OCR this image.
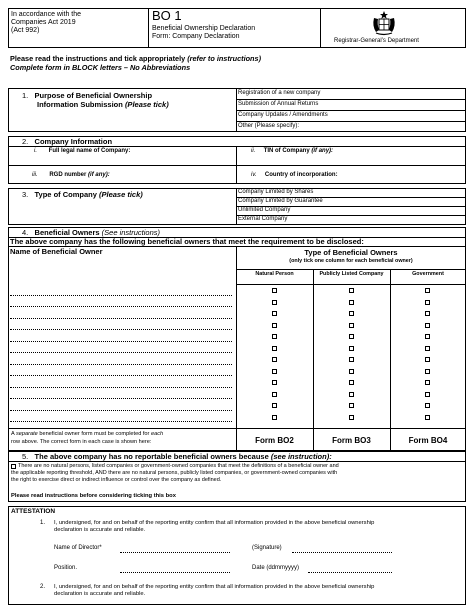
In accordance with the
Companies Act 2019
(Act 992)
BO 1
Beneficial Ownership Declaration
Form: Company Declaration
Registrar-General’s Department
Please read the instructions and tick appropriately (refer to instructions)
Complete form in BLOCK letters – No Abbreviations
1. Purpose of Beneficial Ownership
Information Submission (Please tick)
Registration of a new company
Submission of Annual Returns
Company Updates / Amendments
Other (Please specify):
2. Company Information
i. Full legal name of Company:	ii. TIN of Company (if any):
iii. RGD number (if any):	iv. Country of incorporation:
3. Type of Company (Please tick)	Company Limited by Shares
Company Limited by Guarantee
Unlimited Company
External Company
4. Beneficial Owners (See instructions)
The above company has the following beneficial owners that meet the requirement to be disclosed:
Name of Beneficial Owner	Type of Beneficial Owners
(only tick one column for each beneficial owner)
Natural Person	Publicly Listed Company	Government
A separate beneficial owner form must be completed for each
row above. The correct form in each case is shown here:	Form BO2	Form BO3	Form BO4
5. The above company has no reportable beneficial owners because (see instruction):
There are no natural persons, listed companies or government-owned companies that meet the definitions of a beneficial owner and
the applicable reporting threshold, AND there are no natural persons, publicly listed companies, or government-owned companies with
the right to exercise direct or indirect influence or control over the company as defined.
Please read instructions before considering ticking this box
ATTESTATION
1. I, undersigned, for and on behalf of the reporting entity confirm that all information provided in the above beneficial ownership
declaration is accurate and reliable.
Name of Director*	(Signature)
Position.	Date (ddmmyyyy)
2. I, undersigned, for and on behalf of the reporting entity confirm that all information provided in the above beneficial ownership
declaration is accurate and reliable.
